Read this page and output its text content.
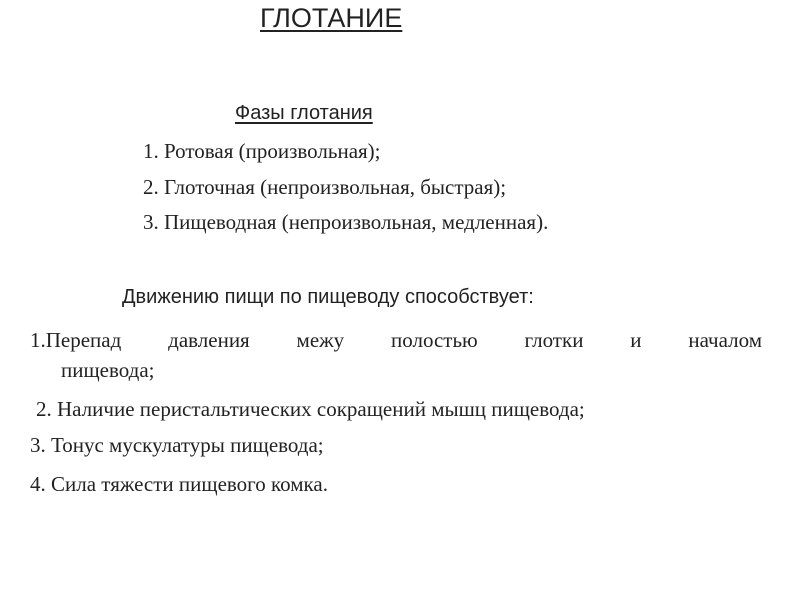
ГЛОТАНИЕ
Фазы глотания
1. Ротовая (произвольная);
2. Глоточная (непроизвольная, быстрая);
3. Пищеводная (непроизвольная, медленная).
Движению пищи по пищеводу способствует:
1.Перепад давления межу полостью глотки и началом
пищевода;
2. Наличие перистальтических сокращений мышц пищевода;
3. Тонус мускулатуры пищевода;
4. Сила тяжести пищевого комка.
